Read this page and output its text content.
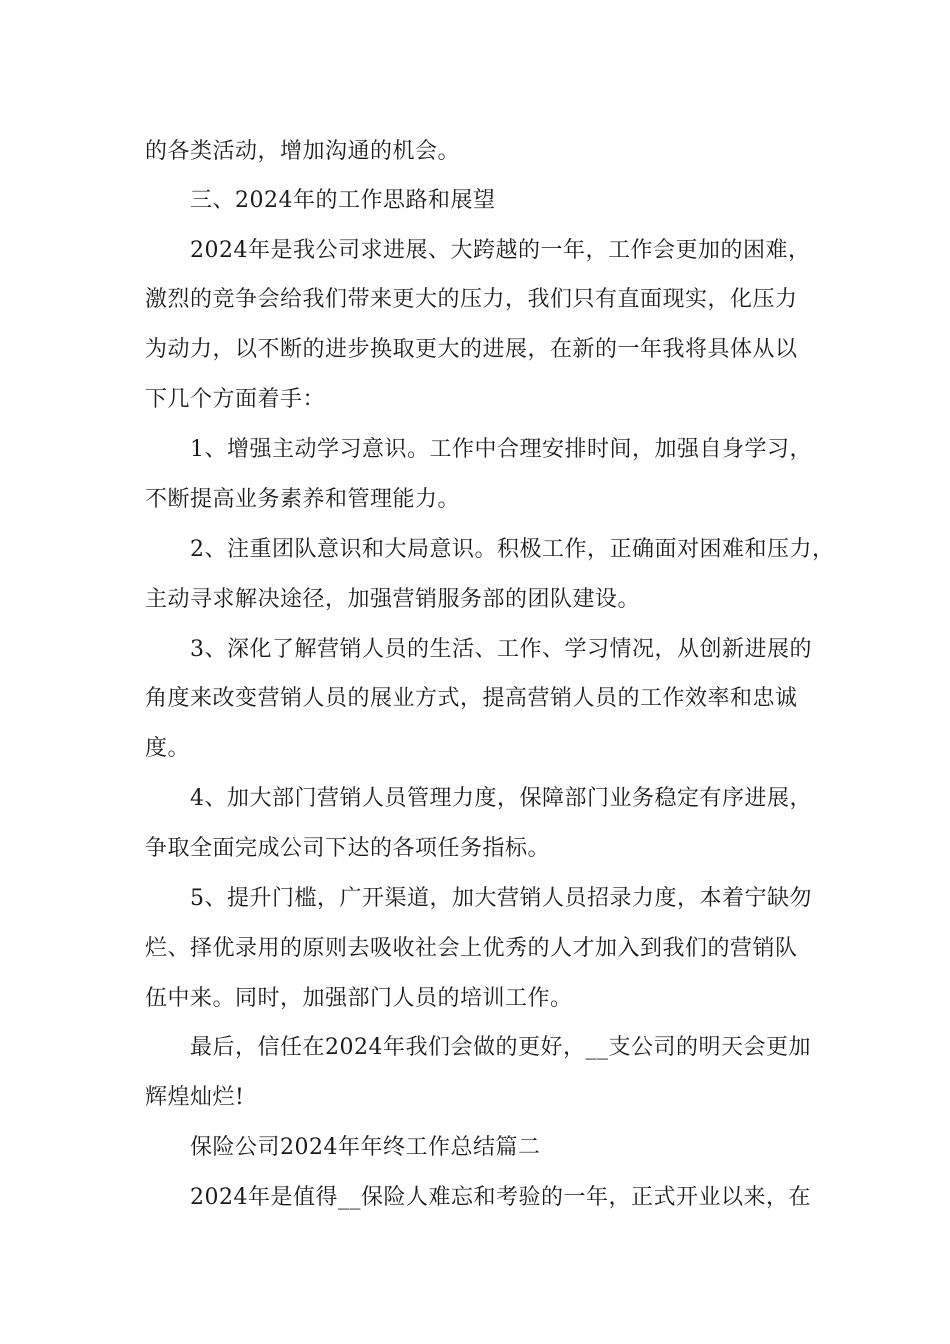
的各类活动，增加沟通的机会。
三、2024年的工作思路和展望
2024年是我公司求进展、大跨越的一年，工作会更加的困难，
激烈的竞争会给我们带来更大的压力，我们只有直面现实，化压力
为动力，以不断的进步换取更大的进展，在新的一年我将具体从以
下几个方面着手：
1、增强主动学习意识。工作中合理安排时间，加强自身学习，
不断提高业务素养和管理能力。
2、注重团队意识和大局意识。积极工作，正确面对困难和压力，
主动寻求解决途径，加强营销服务部的团队建设。
3、深化了解营销人员的生活、工作、学习情况，从创新进展的
角度来改变营销人员的展业方式，提高营销人员的工作效率和忠诚
度。
4、加大部门营销人员管理力度，保障部门业务稳定有序进展，
争取全面完成公司下达的各项任务指标。
5、提升门槛，广开渠道，加大营销人员招录力度，本着宁缺勿
烂、择优录用的原则去吸收社会上优秀的人才加入到我们的营销队
伍中来。同时，加强部门人员的培训工作。
最后，信任在2024年我们会做的更好，__支公司的明天会更加
辉煌灿烂!
保险公司2024年年终工作总结篇二
2024年是值得__保险人难忘和考验的一年，正式开业以来，在
